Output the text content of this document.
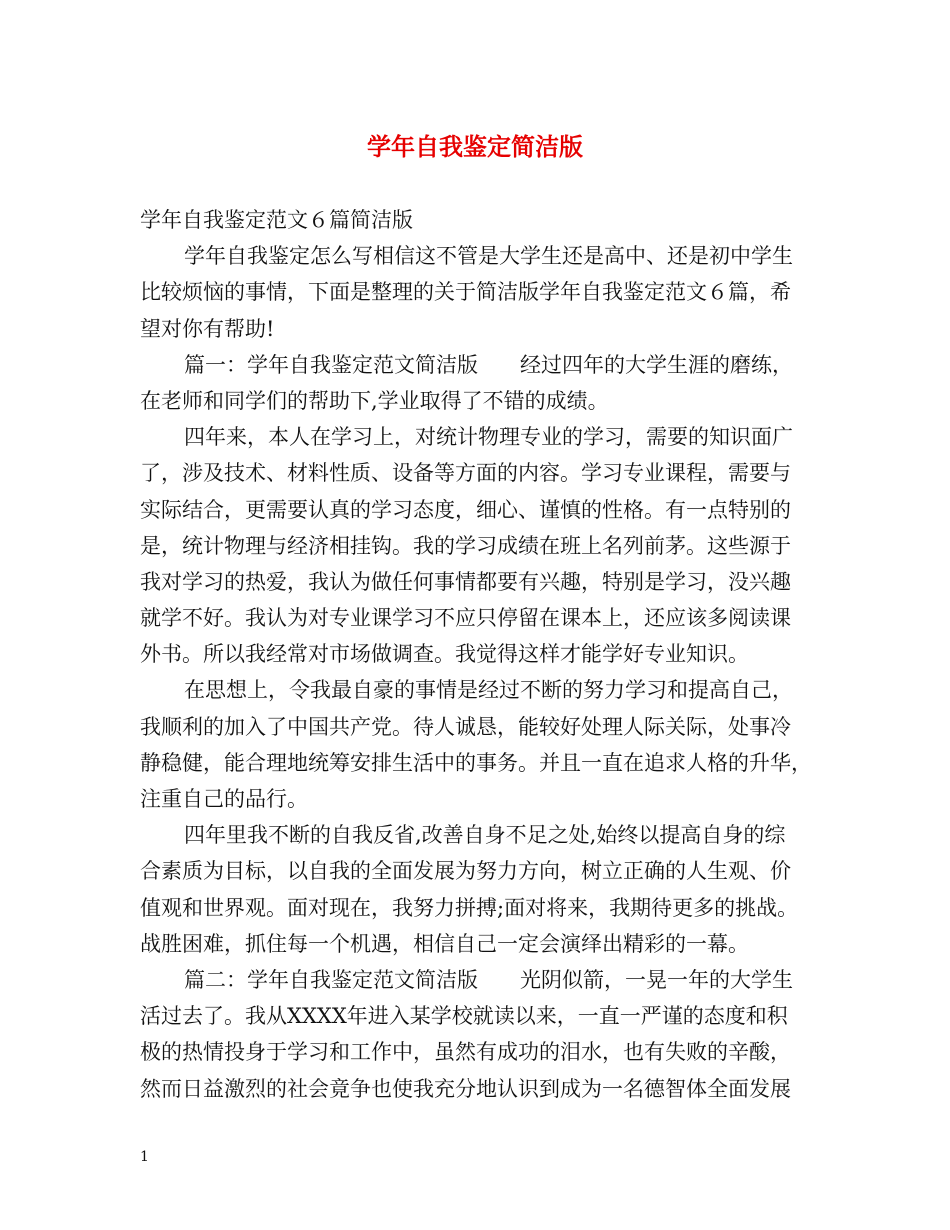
学年自我鉴定简洁版
学年自我鉴定范文６篇简洁版
学年自我鉴定怎么写相信这不管是大学生还是高中、还是初中学生
比较烦恼的事情，下面是整理的关于简洁版学年自我鉴定范文６篇，希
望对你有帮助!
篇一：学年自我鉴定范文简洁版　　经过四年的大学生涯的磨练，
在老师和同学们的帮助下,学业取得了不错的成绩。
四年来，本人在学习上，对统计物理专业的学习，需要的知识面广
了，涉及技术、材料性质、设备等方面的内容。学习专业课程，需要与
实际结合，更需要认真的学习态度，细心、谨慎的性格。有一点特别的
是，统计物理与经济相挂钩。我的学习成绩在班上名列前茅。这些源于
我对学习的热爱，我认为做任何事情都要有兴趣，特别是学习，没兴趣
就学不好。我认为对专业课学习不应只停留在课本上，还应该多阅读课
外书。所以我经常对市场做调查。我觉得这样才能学好专业知识。
在思想上，令我最自豪的事情是经过不断的努力学习和提高自己，
我顺利的加入了中国共产党。待人诚恳，能较好处理人际关际，处事冷
静稳健，能合理地统筹安排生活中的事务。并且一直在追求人格的升华，
注重自己的品行。
四年里我不断的自我反省,改善自身不足之处,始终以提高自身的综
合素质为目标，以自我的全面发展为努力方向，树立正确的人生观、价
值观和世界观。面对现在，我努力拼搏;面对将来，我期待更多的挑战。
战胜困难，抓住每一个机遇，相信自己一定会演绎出精彩的一幕。
篇二：学年自我鉴定范文简洁版　　光阴似箭，一晃一年的大学生
活过去了。我从XXXX年进入某学校就读以来，一直一严谨的态度和积
极的热情投身于学习和工作中，虽然有成功的泪水，也有失败的辛酸，
然而日益激烈的社会竟争也使我充分地认识到成为一名德智体全面发展
1
